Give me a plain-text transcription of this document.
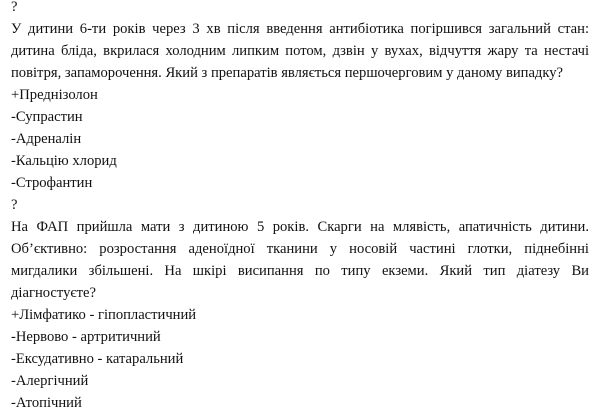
?
У дитини 6-ти років через 3 хв після введення антибіотика погіршився загальний стан: дитина бліда, вкрилася холодним липким потом, дзвін у вухах, відчуття жару та нестачі повітря, запаморочення. Який з препаратів являється першочерговим у даному випадку?
+Преднізолон
-Супрастин
-Адреналін
-Кальцію хлорид
-Строфантин
?
На ФАП прийшла мати з дитиною 5 років. Скарги на млявість, апатичність дитини. Об’єктивно: розростання аденоїдної тканини у носовій частині глотки, піднебінні мигдалики збільшені. На шкірі висипання по типу екземи. Який тип діатезу Ви діагностуєте?
+Лімфатико - гіпопластичний
-Нервово - артритичний
-Ексудативно - катаральний
-Алергічний
-Атопічний
